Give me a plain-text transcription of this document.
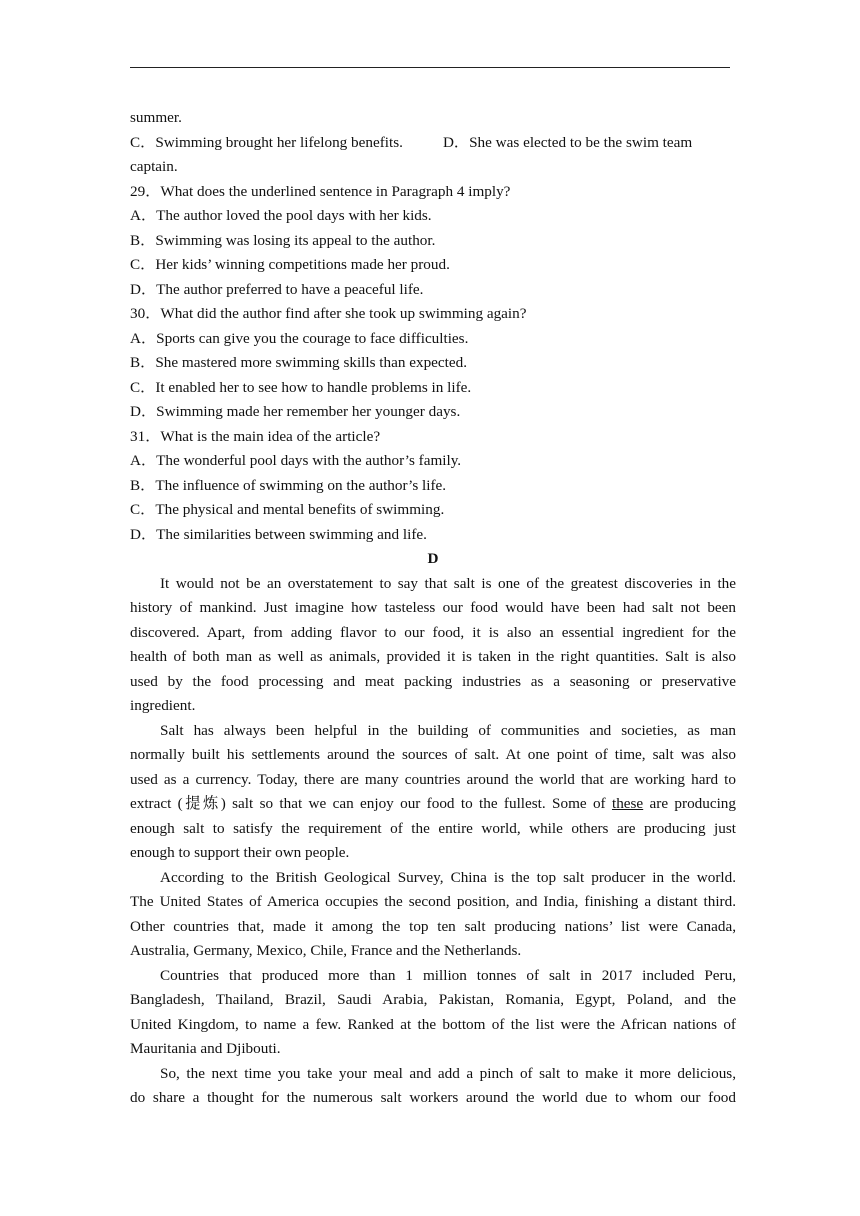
summer.
C．Swimming brought her lifelong benefits.	D．She was elected to be the swim team
captain.
29．What does the underlined sentence in Paragraph 4 imply?
A．The author loved the pool days with her kids.
B．Swimming was losing its appeal to the author.
C．Her kids’ winning competitions made her proud.
D．The author preferred to have a peaceful life.
30．What did the author find after she took up swimming again?
A．Sports can give you the courage to face difficulties.
B．She mastered more swimming skills than expected.
C．It enabled her to see how to handle problems in life.
D．Swimming made her remember her younger days.
31．What is the main idea of the article?
A．The wonderful pool days with the author’s family.
B．The influence of swimming on the author’s life.
C．The physical and mental benefits of swimming.
D．The similarities between swimming and life.
D
It would not be an overstatement to say that salt is one of the greatest discoveries in the
history of mankind. Just imagine how tasteless our food would have been had salt not been
discovered. Apart, from adding flavor to our food, it is also an essential ingredient for the
health of both man as well as animals, provided it is taken in the right quantities. Salt is also
used by the food processing and meat packing industries as a seasoning or preservative
ingredient.
Salt has always been helpful in the building of communities and societies, as man
normally built his settlements around the sources of salt. At one point of time, salt was also
used as a currency. Today, there are many countries around the world that are working hard to
extract (提炼) salt so that we can enjoy our food to the fullest. Some of these are producing
enough salt to satisfy the requirement of the entire world, while others are producing just
enough to support their own people.
According to the British Geological Survey, China is the top salt producer in the world.
The United States of America occupies the second position, and India, finishing a distant third.
Other countries that, made it among the top ten salt producing nations’ list were Canada,
Australia, Germany, Mexico, Chile, France and the Netherlands.
Countries that produced more than 1 million tonnes of salt in 2017 included Peru,
Bangladesh, Thailand, Brazil, Saudi Arabia, Pakistan, Romania, Egypt, Poland, and the
United Kingdom, to name a few. Ranked at the bottom of the list were the African nations of
Mauritania and Djibouti.
So, the next time you take your meal and add a pinch of salt to make it more delicious,
do share a thought for the numerous salt workers around the world due to whom our food
